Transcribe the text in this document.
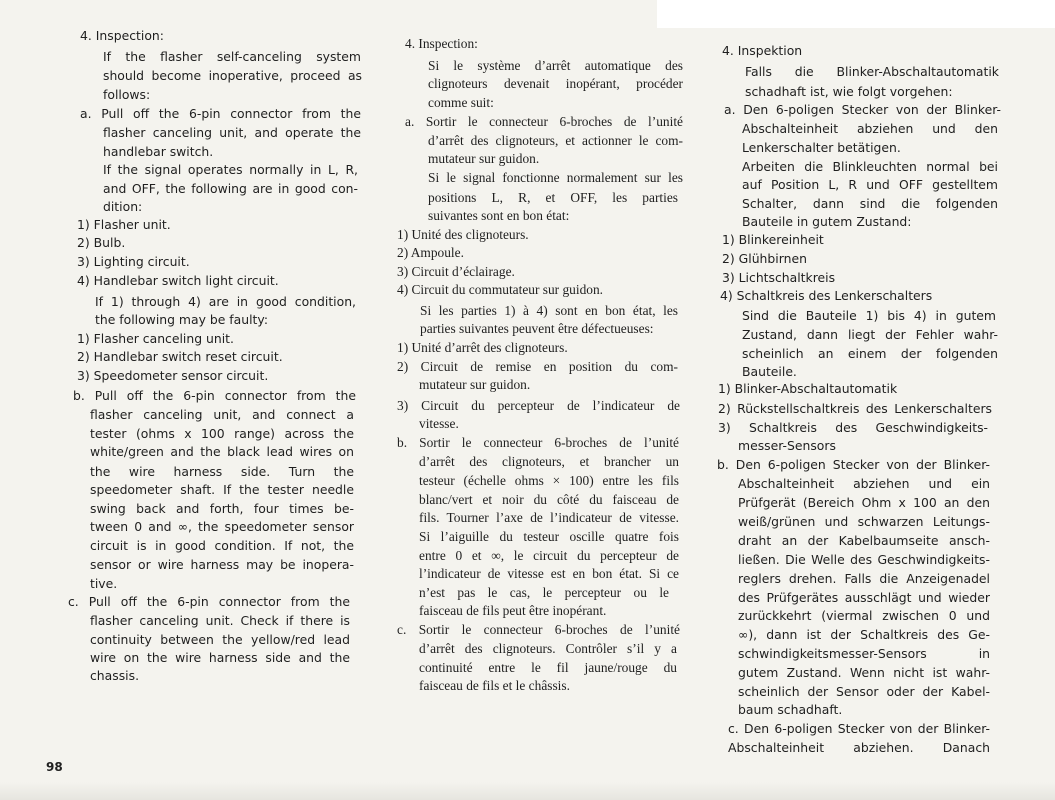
4. Inspection:
If the flasher self-canceling system
should become inoperative, proceed as
follows:
a. Pull off the 6-pin connector from the
flasher canceling unit, and operate the
handlebar switch.
If the signal operates normally in L, R,
and OFF, the following are in good con-
dition:
1) Flasher unit.
2) Bulb.
3) Lighting circuit.
4) Handlebar switch light circuit.
If 1) through 4) are in good condition,
the following may be faulty:
1) Flasher canceling unit.
2) Handlebar switch reset circuit.
3) Speedometer sensor circuit.
b. Pull off the 6-pin connector from the
flasher canceling unit, and connect a
tester (ohms x 100 range) across the
white/green and the black lead wires on
the wire harness side. Turn the
speedometer shaft. If the tester needle
swing back and forth, four times be-
tween 0 and ∞, the speedometer sensor
circuit is in good condition. If not, the
sensor or wire harness may be inopera-
tive.
c. Pull off the 6-pin connector from the
flasher canceling unit. Check if there is
continuity between the yellow/red lead
wire on the wire harness side and the
chassis.
4. Inspection:
Si le système d’arrêt automatique des
clignoteurs devenait inopérant, procéder
comme suit:
a. Sortir le connecteur 6-broches de l’unité
d’arrêt des clignoteurs, et actionner le com-
mutateur sur guidon.
Si le signal fonctionne normalement sur les
positions L, R, et OFF, les parties
suivantes sont en bon état:
1) Unité des clignoteurs.
2) Ampoule.
3) Circuit d’éclairage.
4) Circuit du commutateur sur guidon.
Si les parties 1) à 4) sont en bon état, les
parties suivantes peuvent être défectueuses:
1) Unité d’arrêt des clignoteurs.
2) Circuit de remise en position du com-
mutateur sur guidon.
3) Circuit du percepteur de l’indicateur de
vitesse.
b. Sortir le connecteur 6-broches de l’unité
d’arrêt des clignoteurs, et brancher un
testeur (échelle ohms × 100) entre les fils
blanc/vert et noir du côté du faisceau de
fils. Tourner l’axe de l’indicateur de vitesse.
Si l’aiguille du testeur oscille quatre fois
entre 0 et ∞, le circuit du percepteur de
l’indicateur de vitesse est en bon état. Si ce
n’est pas le cas, le percepteur ou le
faisceau de fils peut être inopérant.
c. Sortir le connecteur 6-broches de l’unité
d’arrêt des clignoteurs. Contrôler s’il y a
continuité entre le fil jaune/rouge du
faisceau de fils et le châssis.
4. Inspektion
Falls die Blinker-Abschaltautomatik
schadhaft ist, wie folgt vorgehen:
a. Den 6-poligen Stecker von der Blinker-
Abschalteinheit abziehen und den
Lenkerschalter betätigen.
Arbeiten die Blinkleuchten normal bei
auf Position L, R und OFF gestelltem
Schalter, dann sind die folgenden
Bauteile in gutem Zustand:
1) Blinkereinheit
2) Glühbirnen
3) Lichtschaltkreis
4) Schaltkreis des Lenkerschalters
Sind die Bauteile 1) bis 4) in gutem
Zustand, dann liegt der Fehler wahr-
scheinlich an einem der folgenden
Bauteile.
1) Blinker-Abschaltautomatik
2) Rückstellschaltkreis des Lenkerschalters
3) Schaltkreis des Geschwindigkeits-
messer-Sensors
b. Den 6-poligen Stecker von der Blinker-
Abschalteinheit abziehen und ein
Prüfgerät (Bereich Ohm x 100 an den
weiß/grünen und schwarzen Leitungs-
draht an der Kabelbaumseite ansch-
ließen. Die Welle des Geschwindigkeits-
reglers drehen. Falls die Anzeigenadel
des Prüfgerätes ausschlägt und wieder
zurückkehrt (viermal zwischen 0 und
∞), dann ist der Schaltkreis des Ge-
schwindigkeitsmesser-Sensors in
gutem Zustand. Wenn nicht ist wahr-
scheinlich der Sensor oder der Kabel-
baum schadhaft.
c. Den 6-poligen Stecker von der Blinker-
Abschalteinheit abziehen. Danach
98
